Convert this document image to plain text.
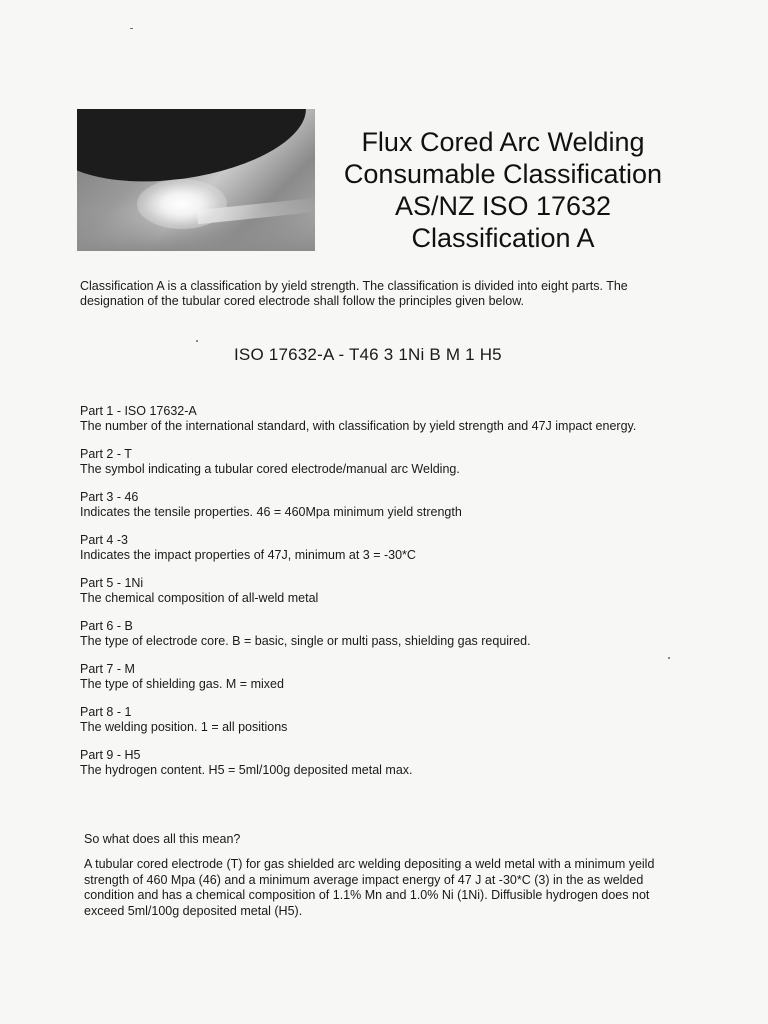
Flux Cored Arc Welding
Consumable Classification
AS/NZ ISO 17632
Classification A
Classification A is a classification by yield strength. The classification is divided into eight parts. The designation of the tubular cored electrode shall follow the principles given below.
ISO 17632-A - T46 3 1Ni B M 1 H5
Part 1 - ISO 17632-A
The number of the international standard, with classification by yield strength and 47J impact energy.
Part 2 - T
The symbol indicating a tubular cored electrode/manual arc Welding.
Part 3 - 46
Indicates the tensile properties. 46 = 460Mpa minimum yield strength
Part 4 -3
Indicates the impact properties of 47J, minimum at 3 = -30*C
Part 5 - 1Ni
The chemical composition of all-weld metal
Part 6 - B
The type of electrode core. B = basic, single or multi pass, shielding gas required.
Part 7 - M
The type of shielding gas. M = mixed
Part 8 - 1
The welding position. 1 = all positions
Part 9 - H5
The hydrogen content. H5 = 5ml/100g deposited metal max.
So what does all this mean?
A tubular cored electrode (T) for gas shielded arc welding depositing a weld metal with a minimum yeild strength of 460 Mpa (46) and a minimum average impact energy of 47 J at -30*C (3) in the as welded condition and has a chemical composition of 1.1% Mn and 1.0% Ni (1Ni). Diffusible hydrogen does not exceed 5ml/100g deposited metal (H5).
